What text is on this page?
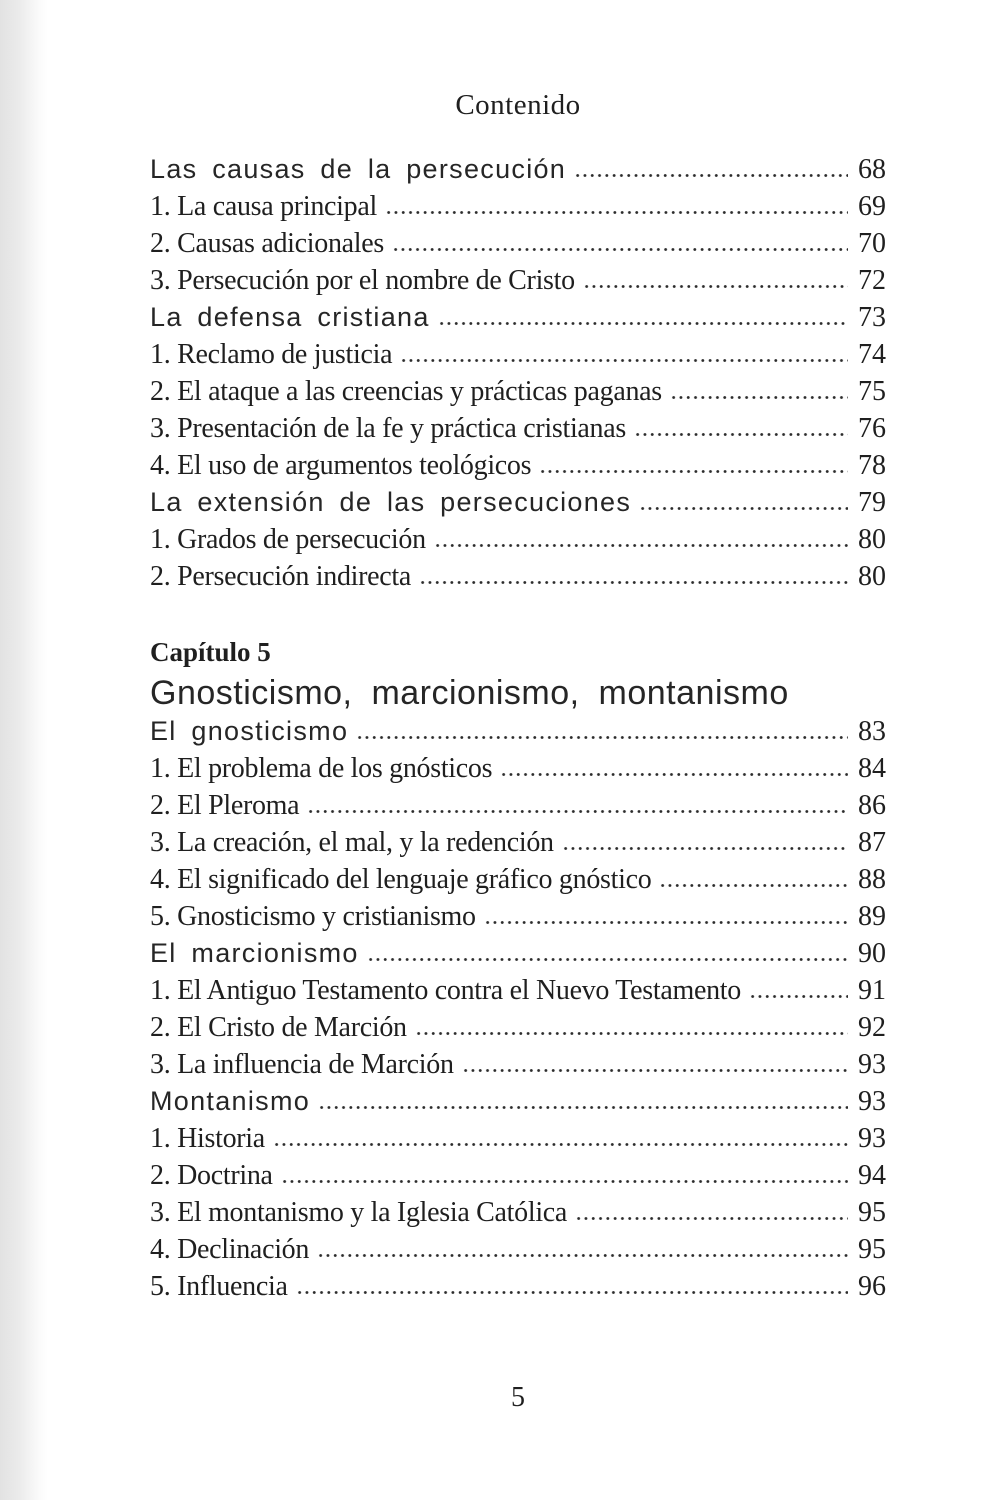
Contenido
Las causas de la persecución	68
1. La causa principal	69
2. Causas adicionales	70
3. Persecución por el nombre de Cristo	72
La defensa cristiana	73
1. Reclamo de justicia	74
2. El ataque a las creencias y prácticas paganas	75
3. Presentación de la fe y práctica cristianas	76
4. El uso de argumentos teológicos	78
La extensión de las persecuciones	79
1. Grados de persecución	80
2. Persecución indirecta	80
Capítulo 5
Gnosticismo, marcionismo, montanismo
El gnosticismo	83
1. El problema de los gnósticos	84
2. El Pleroma	86
3. La creación, el mal, y la redención	87
4. El significado del lenguaje gráfico gnóstico	88
5. Gnosticismo y cristianismo	89
El marcionismo	90
1. El Antiguo Testamento contra el Nuevo Testamento	91
2. El Cristo de Marción	92
3. La influencia de Marción	93
Montanismo	93
1. Historia	93
2. Doctrina	94
3. El montanismo y la Iglesia Católica	95
4. Declinación	95
5. Influencia	96
5
